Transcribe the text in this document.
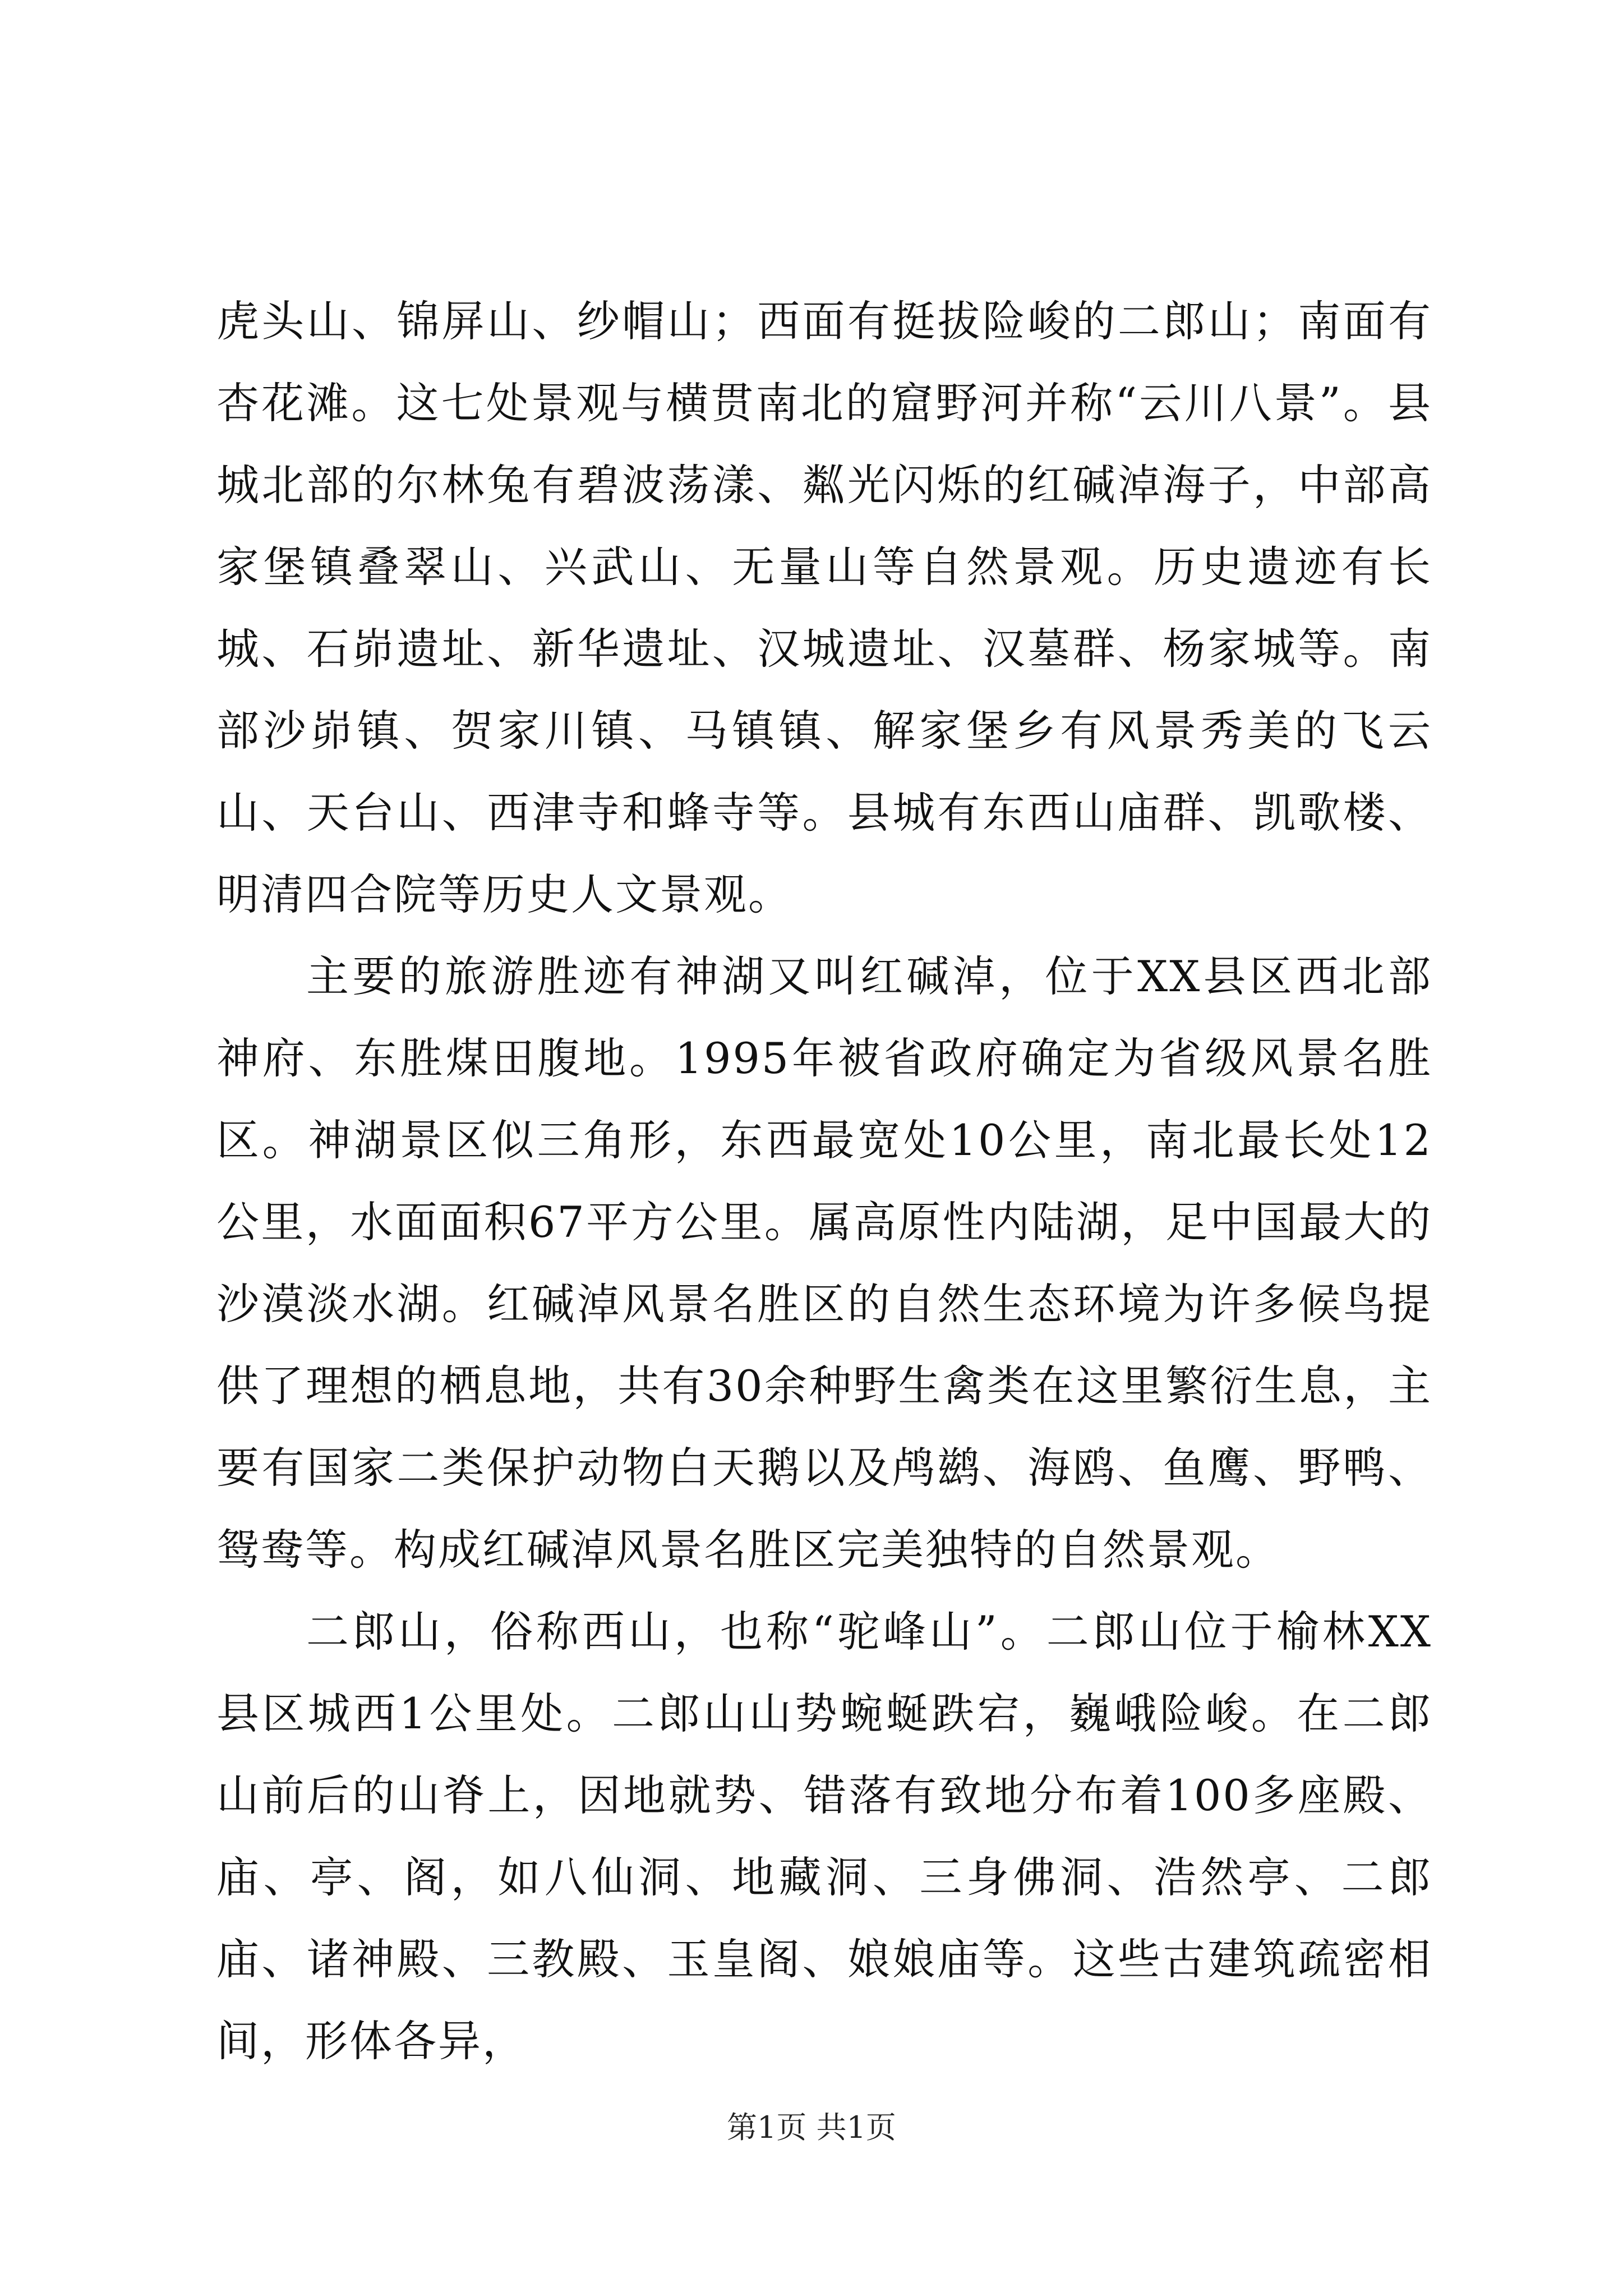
虎头山、锦屏山、纱帽山；西面有挺拔险峻的二郎山；南面有杏花滩。这七处景观与横贯南北的窟野河并称“云川八景”。县城北部的尔林兔有碧波荡漾、粼光闪烁的红碱淖海子，中部高家堡镇叠翠山、兴武山、无量山等自然景观。历史遗迹有长城、石峁遗址、新华遗址、汉城遗址、汉墓群、杨家城等。南部沙峁镇、贺家川镇、马镇镇、解家堡乡有风景秀美的飞云山、天台山、西津寺和蜂寺等。县城有东西山庙群、凯歌楼、明清四合院等历史人文景观。

主要的旅游胜迹有神湖又叫红碱淖，位于XX县区西北部神府、东胜煤田腹地。1995年被省政府确定为省级风景名胜区。神湖景区似三角形，东西最宽处10公里，南北最长处12公里，水面面积67平方公里。属高原性内陆湖，足中国最大的沙漠淡水湖。红碱淖风景名胜区的自然生态环境为许多候鸟提供了理想的栖息地，共有30余种野生禽类在这里繁衍生息，主要有国家二类保护动物白天鹅以及鸬鹚、海鸥、鱼鹰、野鸭、鸳鸯等。构成红碱淖风景名胜区完美独特的自然景观。

二郎山，俗称西山，也称“驼峰山”。二郎山位于榆林XX县区城西1公里处。二郎山山势蜿蜒跌宕，巍峨险峻。在二郎山前后的山脊上，因地就势、错落有致地分布着100多座殿、庙、亭、阁，如八仙洞、地藏洞、三身佛洞、浩然亭、二郎庙、诸神殿、三教殿、玉皇阁、娘娘庙等。这些古建筑疏密相间，形体各异，

第1页 共1页
